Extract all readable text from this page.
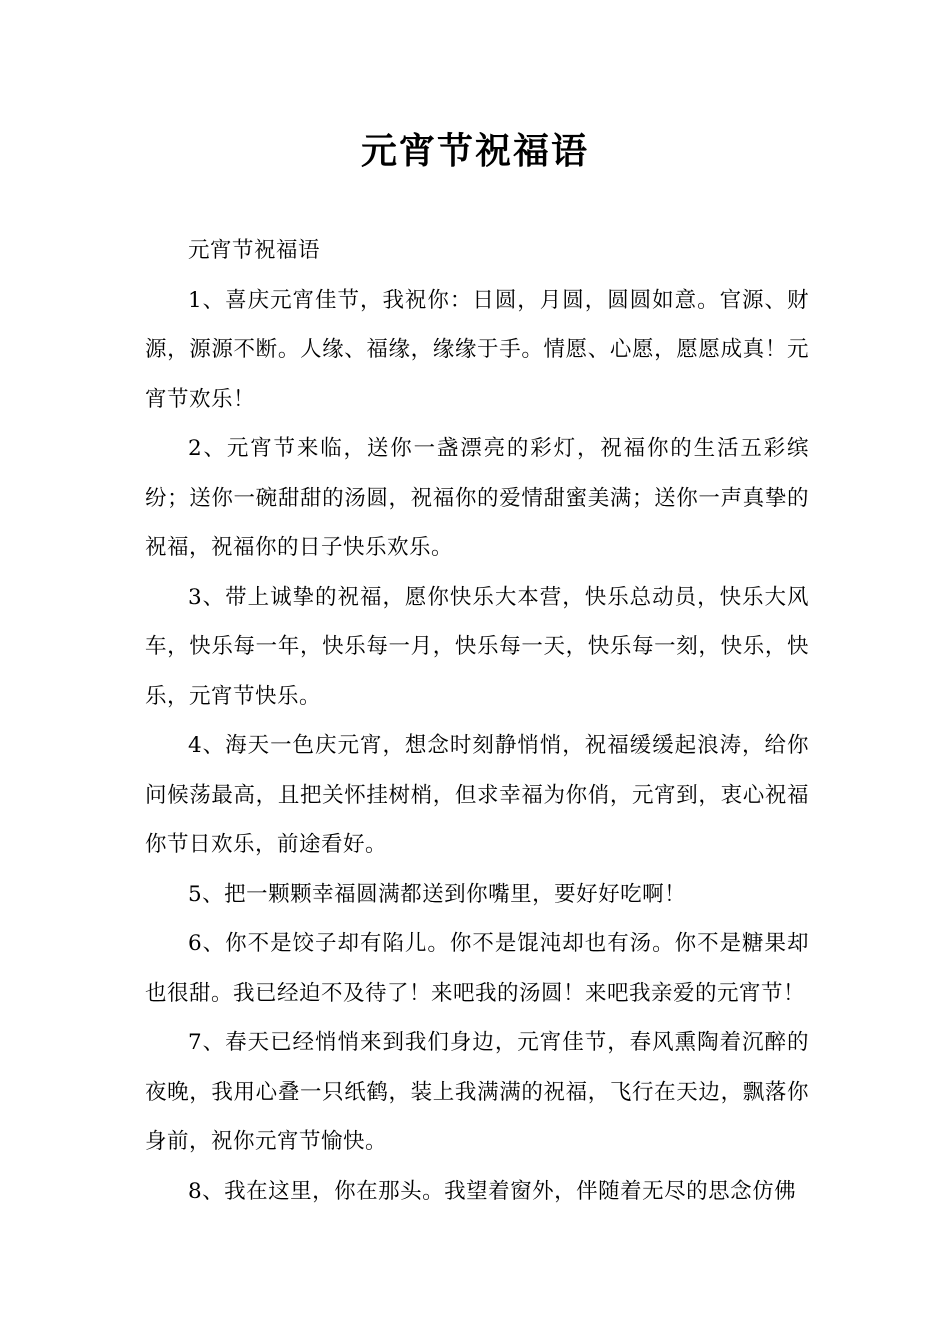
元宵节祝福语

元宵节祝福语

1、喜庆元宵佳节，我祝你：日圆，月圆，圆圆如意。官源、财源，源源不断。人缘、福缘，缘缘于手。情愿、心愿，愿愿成真！元宵节欢乐！

2、元宵节来临，送你一盏漂亮的彩灯，祝福你的生活五彩缤纷；送你一碗甜甜的汤圆，祝福你的爱情甜蜜美满；送你一声真挚的祝福，祝福你的日子快乐欢乐。

3、带上诚挚的祝福，愿你快乐大本营，快乐总动员，快乐大风车，快乐每一年，快乐每一月，快乐每一天，快乐每一刻，快乐，快乐，元宵节快乐。

4、海天一色庆元宵，想念时刻静悄悄，祝福缓缓起浪涛，给你问候荡最高，且把关怀挂树梢，但求幸福为你俏，元宵到，衷心祝福你节日欢乐，前途看好。

5、把一颗颗幸福圆满都送到你嘴里，要好好吃啊！

6、你不是饺子却有陷儿。你不是馄沌却也有汤。你不是糖果却也很甜。我已经迫不及待了！来吧我的汤圆！来吧我亲爱的元宵节！

7、春天已经悄悄来到我们身边，元宵佳节，春风熏陶着沉醉的夜晚，我用心叠一只纸鹤，装上我满满的祝福，飞行在天边，飘落你身前，祝你元宵节愉快。

8、我在这里，你在那头。我望着窗外，伴随着无尽的思念仿佛
